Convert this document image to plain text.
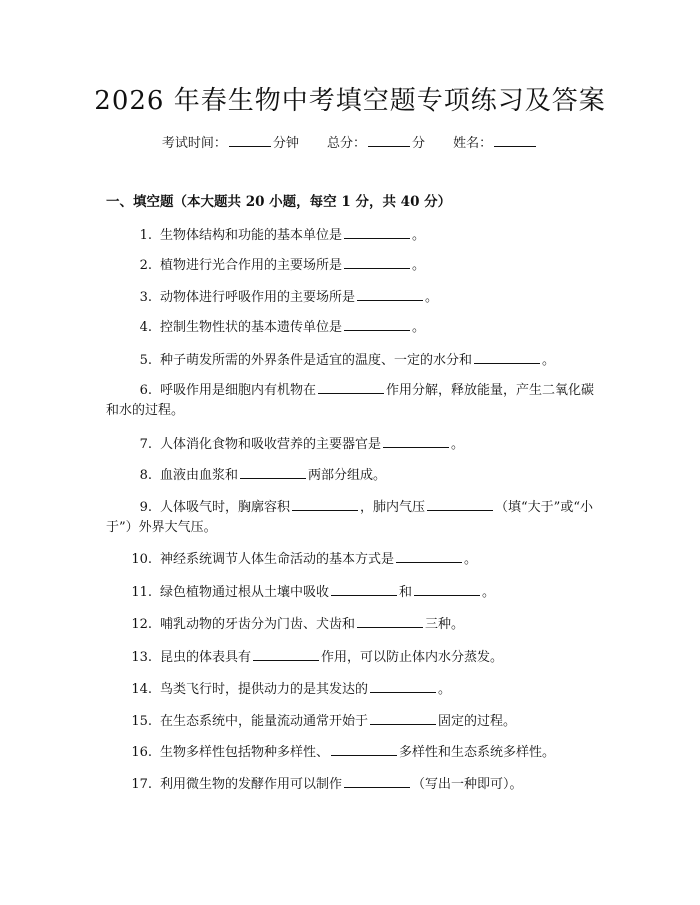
2026 年春生物中考填空题专项练习及答案
考试时间：	分钟 总分：	分 姓名：
一、填空题（本大题共 20 小题，每空 1 分，共 40 分）
1. 生物体结构和功能的基本单位是	。
2. 植物进行光合作用的主要场所是	。
3. 动物体进行呼吸作用的主要场所是	。
4. 控制生物性状的基本遗传单位是	。
5. 种子萌发所需的外界条件是适宜的温度、一定的水分和	。
6. 呼吸作用是细胞内有机物在	作用分解，释放能量，产生二氧化碳和水的过程。
7. 人体消化食物和吸收营养的主要器官是	。
8. 血液由血浆和	两部分组成。
9. 人体吸气时，胸廓容积	，肺内气压	（填“大于”或“小于”）外界大气压。
10. 神经系统调节人体生命活动的基本方式是	。
11. 绿色植物通过根从土壤中吸收	和	。
12. 哺乳动物的牙齿分为门齿、犬齿和	三种。
13. 昆虫的体表具有	作用，可以防止体内水分蒸发。
14. 鸟类飞行时，提供动力的是其发达的	。
15. 在生态系统中，能量流动通常开始于	固定的过程。
16. 生物多样性包括物种多样性、	多样性和生态系统多样性。
17. 利用微生物的发酵作用可以制作	（写出一种即可）。
